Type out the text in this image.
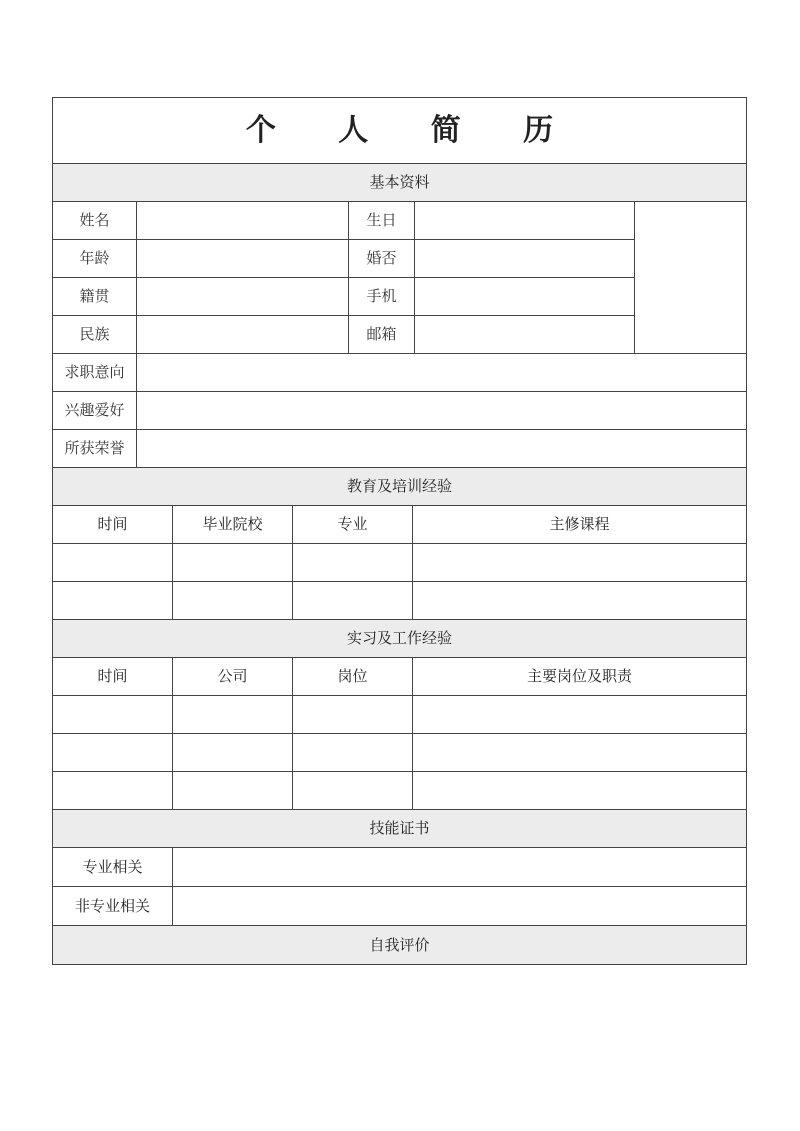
个 人 简 历
基本资料
姓名	生日
年龄	婚否
籍贯	手机
民族	邮箱
求职意向
兴趣爱好
所获荣誉
教育及培训经验
时间	毕业院校	专业	主修课程
实习及工作经验
时间	公司	岗位	主要岗位及职责
技能证书
专业相关
非专业相关
自我评价
